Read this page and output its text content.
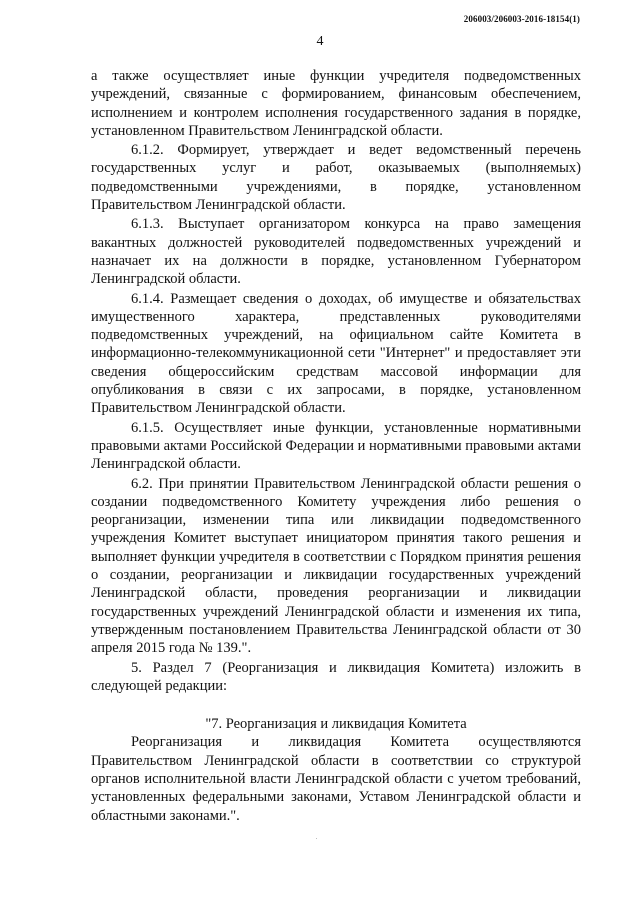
206003/206003-2016-18154(1)
4

а также осуществляет иные функции учредителя подведомственных учреждений, связанные с формированием, финансовым обеспечением, исполнением и контролем исполнения государственного задания в порядке, установленном Правительством Ленинградской области.

6.1.2. Формирует, утверждает и ведет ведомственный перечень государственных услуг и работ, оказываемых (выполняемых) подведомственными учреждениями, в порядке, установленном Правительством Ленинградской области.

6.1.3. Выступает организатором конкурса на право замещения вакантных должностей руководителей подведомственных учреждений и назначает их на должности в порядке, установленном Губернатором Ленинградской области.

6.1.4. Размещает сведения о доходах, об имуществе и обязательствах имущественного характера, представленных руководителями подведомственных учреждений, на официальном сайте Комитета в информационно-телекоммуникационной сети "Интернет" и предоставляет эти сведения общероссийским средствам массовой информации для опубликования в связи с их запросами, в порядке, установленном Правительством Ленинградской области.

6.1.5. Осуществляет иные функции, установленные нормативными правовыми актами Российской Федерации и нормативными правовыми актами Ленинградской области.

6.2. При принятии Правительством Ленинградской области решения о создании подведомственного Комитету учреждения либо решения о реорганизации, изменении типа или ликвидации подведомственного учреждения Комитет выступает инициатором принятия такого решения и выполняет функции учредителя в соответствии с Порядком принятия решения о создании, реорганизации и ликвидации государственных учреждений Ленинградской области, проведения реорганизации и ликвидации государственных учреждений Ленинградской области и изменения их типа, утвержденным постановлением Правительства Ленинградской области от 30 апреля 2015 года № 139.".

5. Раздел 7 (Реорганизация и ликвидация Комитета) изложить в следующей редакции:

"7. Реорганизация и ликвидация Комитета

Реорганизация и ликвидация Комитета осуществляются Правительством Ленинградской области в соответствии со структурой органов исполнительной власти Ленинградской области с учетом требований, установленных федеральными законами, Уставом Ленинградской области и областными законами.".
